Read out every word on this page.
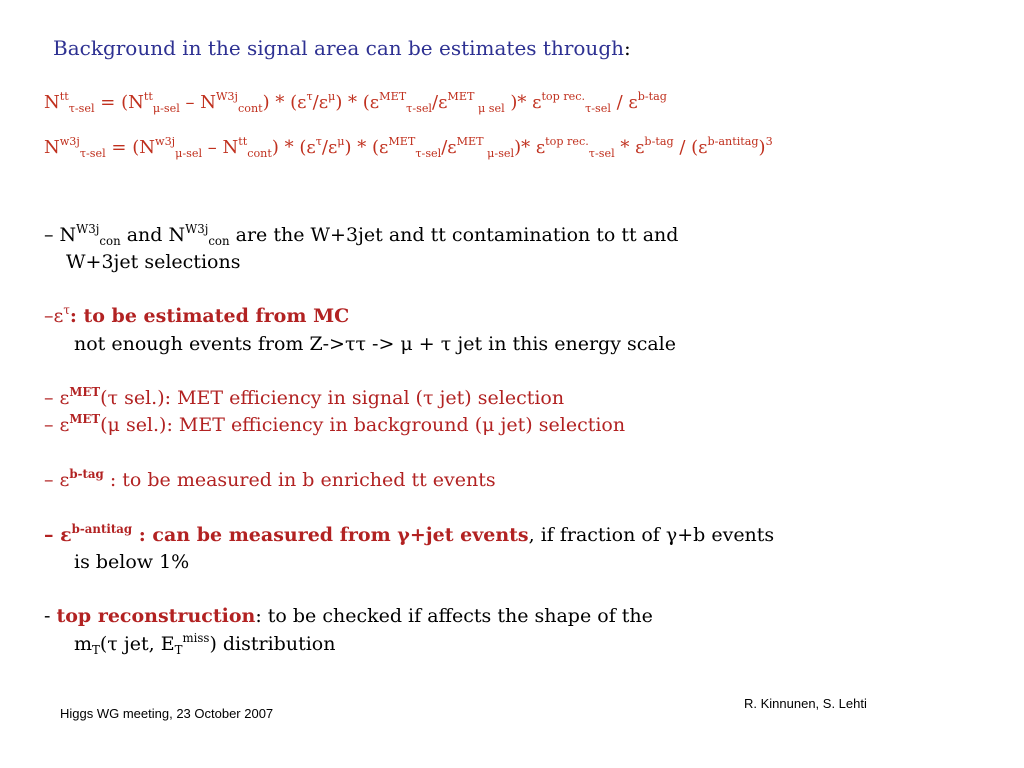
Background in the signal area can be estimates through:
$N^{tt}_{\tau-sel} = (N^{tt}_{\mu-sel} - N^{W3j}_{cont}) * (\varepsilon^\tau/\varepsilon^\mu) * (\varepsilon^{MET}_{\tau-sel}/\varepsilon^{MET}$ $_{\mu sel}$ )* $\varepsilon^{top rec.}_{\tau-sel} / \varepsilon^{b-tag}$
$N^{w3j}_{\tau-sel} = (N^{w3j}_{\mu-sel} - N^{tt}_{cont}) * (\varepsilon^\tau/\varepsilon^\mu) * (\varepsilon^{MET}_{\tau-sel}/\varepsilon^{MET}$ $_{\mu-sel}$)* $\varepsilon^{top rec.}_{\tau-sel} * \varepsilon^{b-tag} / (\varepsilon^{b-antitag})^3$
– $N^{W3j}_{con}$ and $N^{W3j}_{con}$ are the W+3jet and tt contamination to tt and
W+3jet selections
$-\varepsilon^\tau$: to be estimated from MC
not enough events from Z->ττ -> μ + τ jet in this energy scale
– $\varepsilon^{MET}(\tau$ sel.): MET efficiency in signal (τ jet) selection
– $\varepsilon^{MET}(\mu$ sel.): MET efficiency in background (μ jet) selection
– $\varepsilon^{b-tag}$ : to be measured in b enriched tt events
– $\varepsilon^{b-antitag}$ : can be measured from γ+jet events, if fraction of γ+b events
is below 1%
- top reconstruction: to be checked if affects the shape of the
$m_T(\tau$ jet, $E_T^{miss}$) distribution
Higgs WG meeting, 23 October 2007
R. Kinnunen, S. Lehti
